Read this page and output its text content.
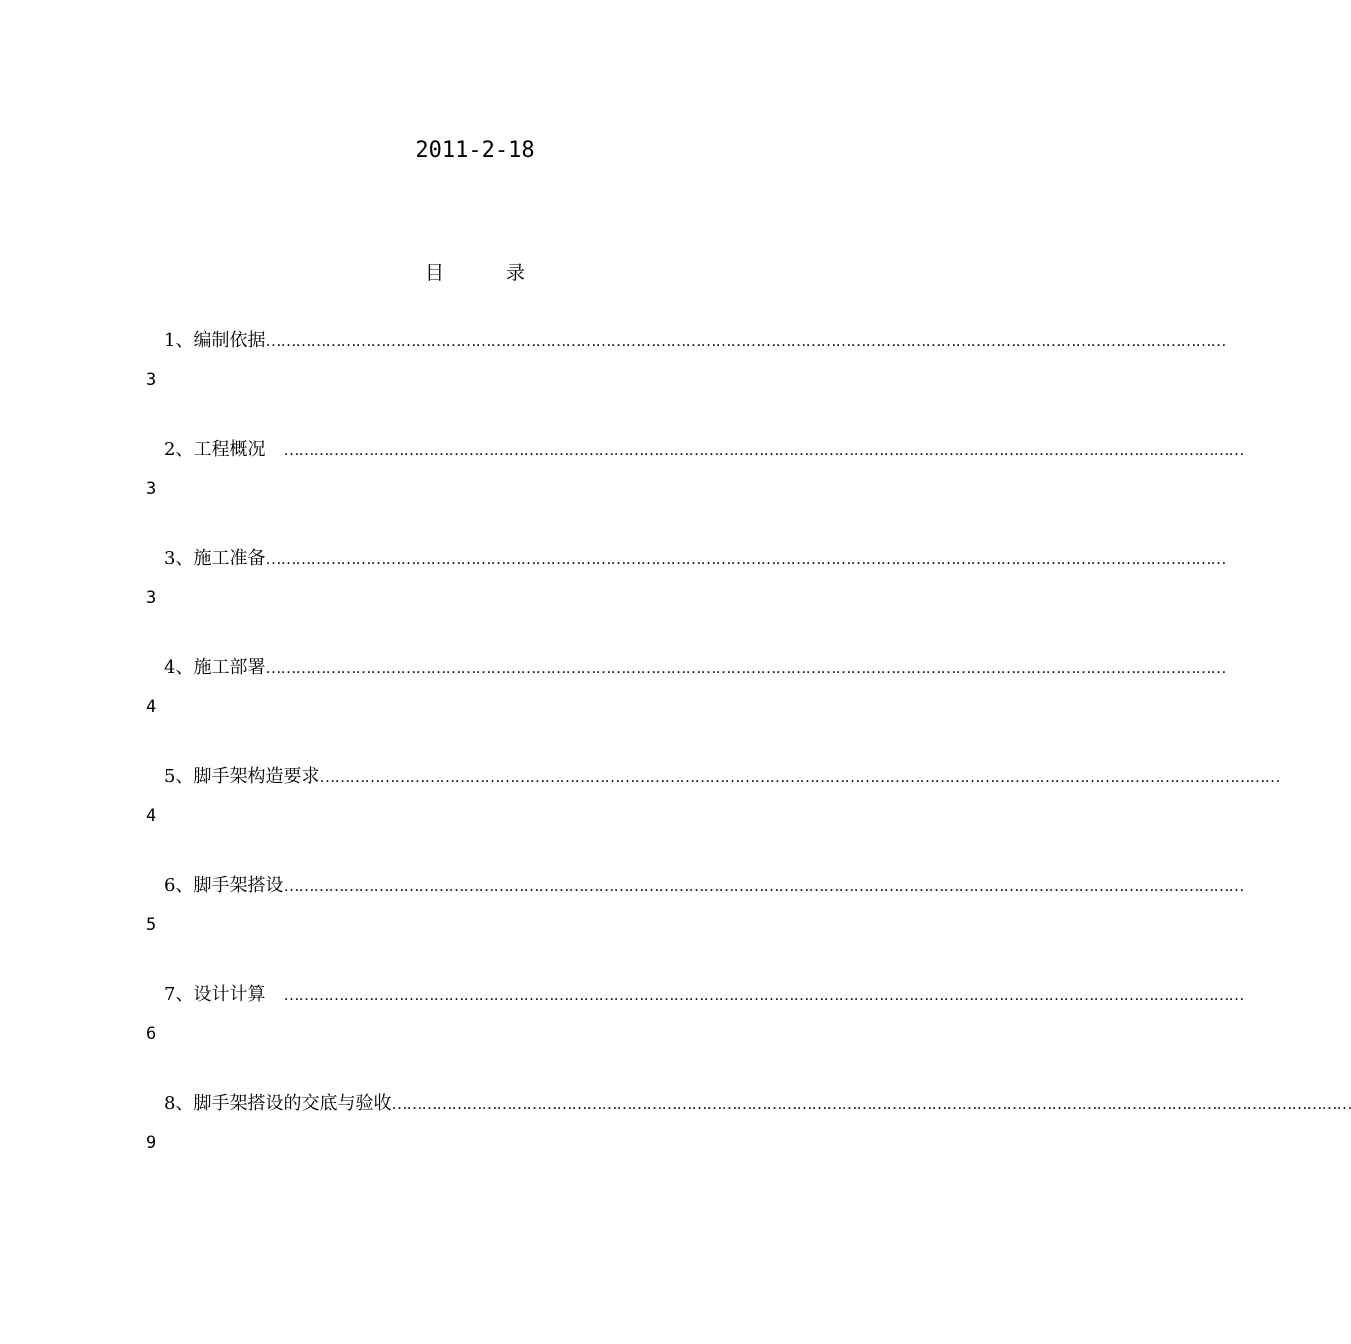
2011-2-18
目	录
1、编制依据 …………………………………………………………………………………………………………………………………………………………………………
3
2、工程概况 …………………………………………………………………………………………………………………………………………………………………………
3
3、施工准备 …………………………………………………………………………………………………………………………………………………………………………
3
4、施工部署 …………………………………………………………………………………………………………………………………………………………………………
4
5、脚手架构造要求 …………………………………………………………………………………………………………………………………………………………………………
4
6、脚手架搭设 …………………………………………………………………………………………………………………………………………………………………………
5
7、设计计算 …………………………………………………………………………………………………………………………………………………………………………
6
8、脚手架搭设的交底与验收 …………………………………………………………………………………………………………………………………………………………………………
9
